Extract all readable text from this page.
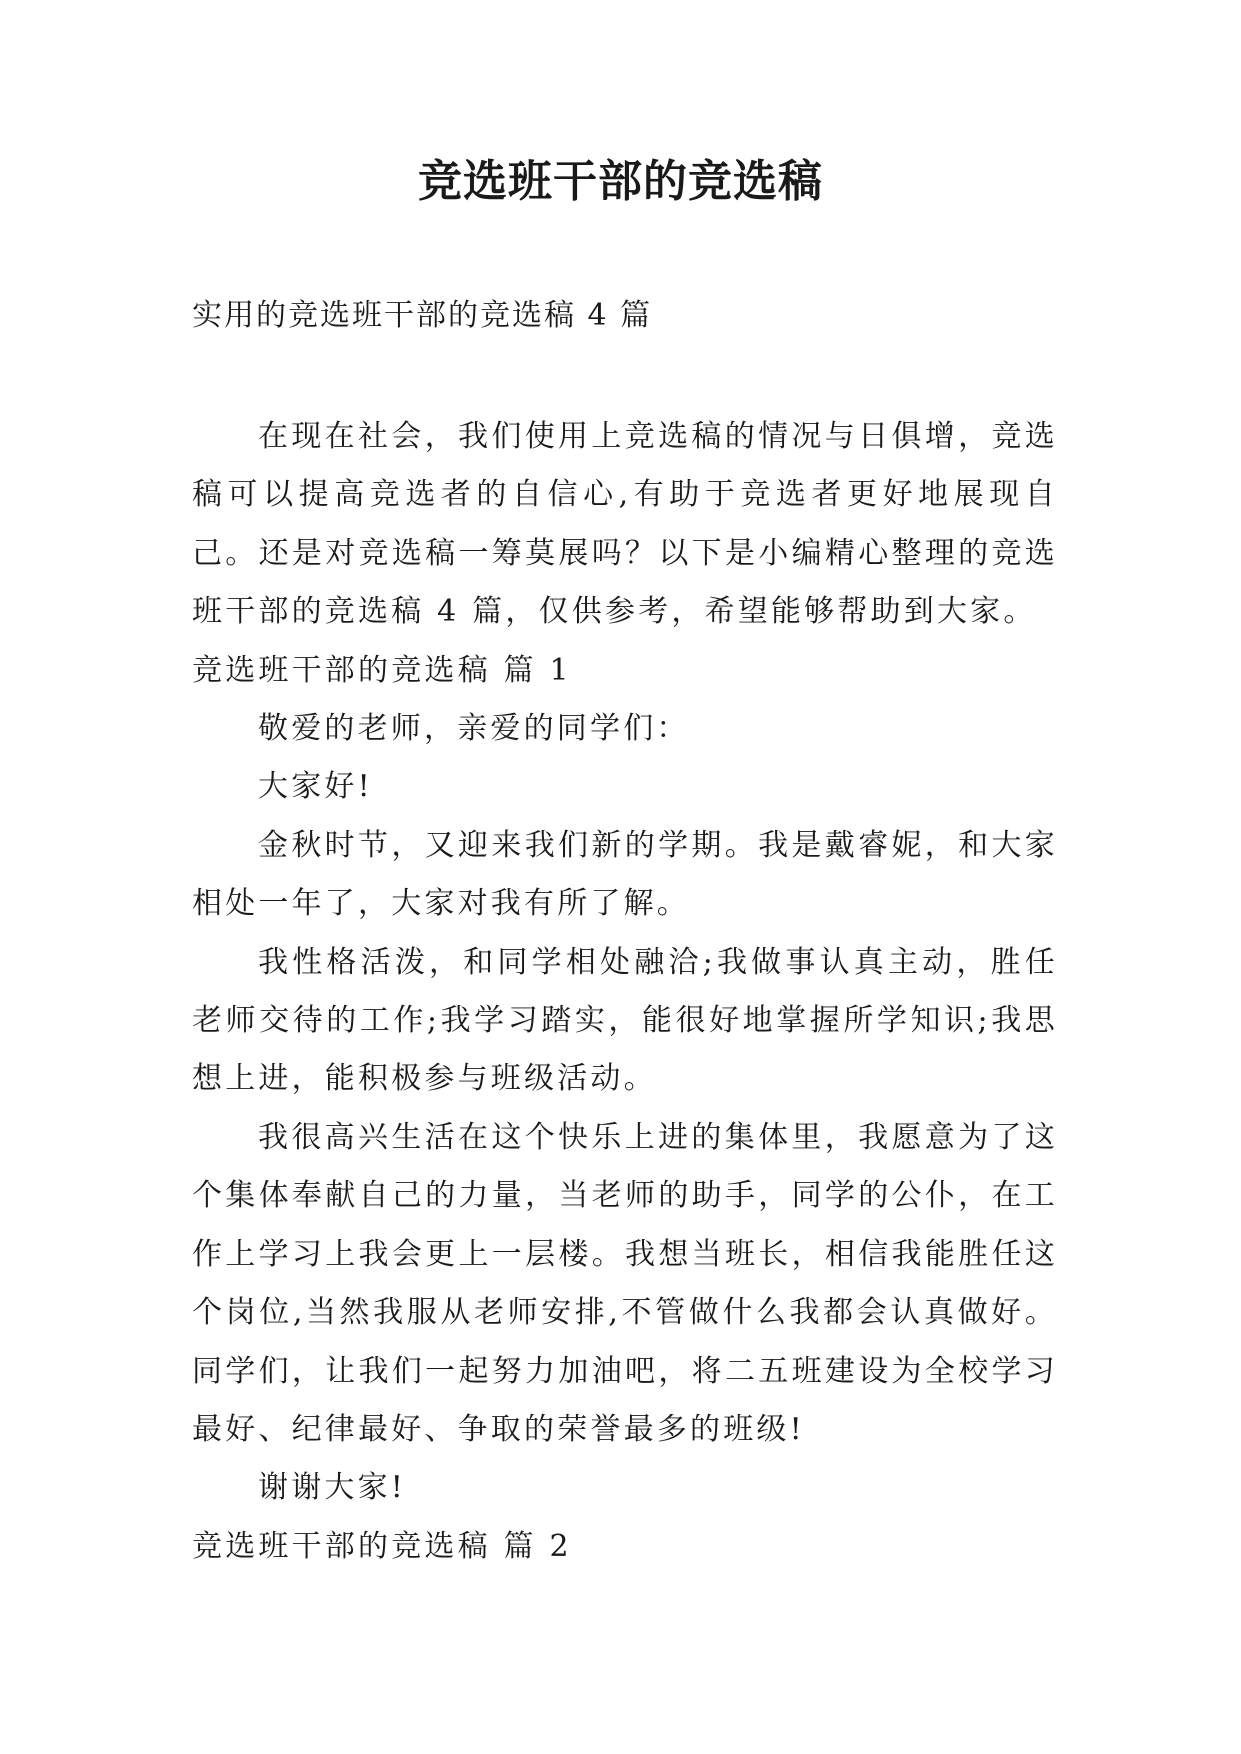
竞选班干部的竞选稿

实用的竞选班干部的竞选稿 4 篇

在现在社会，我们使用上竞选稿的情况与日俱增，竞选稿可以提高竞选者的自信心,有助于竞选者更好地展现自己。还是对竞选稿一筹莫展吗？以下是小编精心整理的竞选班干部的竞选稿 4 篇，仅供参考，希望能够帮助到大家。

竞选班干部的竞选稿 篇 1

敬爱的老师，亲爱的同学们：

大家好!

金秋时节，又迎来我们新的学期。我是戴睿妮，和大家相处一年了，大家对我有所了解。

我性格活泼，和同学相处融洽;我做事认真主动，胜任老师交待的工作;我学习踏实，能很好地掌握所学知识;我思想上进，能积极参与班级活动。

我很高兴生活在这个快乐上进的集体里，我愿意为了这个集体奉献自己的力量，当老师的助手，同学的公仆，在工作上学习上我会更上一层楼。我想当班长，相信我能胜任这个岗位,当然我服从老师安排,不管做什么我都会认真做好。同学们，让我们一起努力加油吧，将二五班建设为全校学习最好、纪律最好、争取的荣誉最多的班级!

谢谢大家!

竞选班干部的竞选稿 篇 2
